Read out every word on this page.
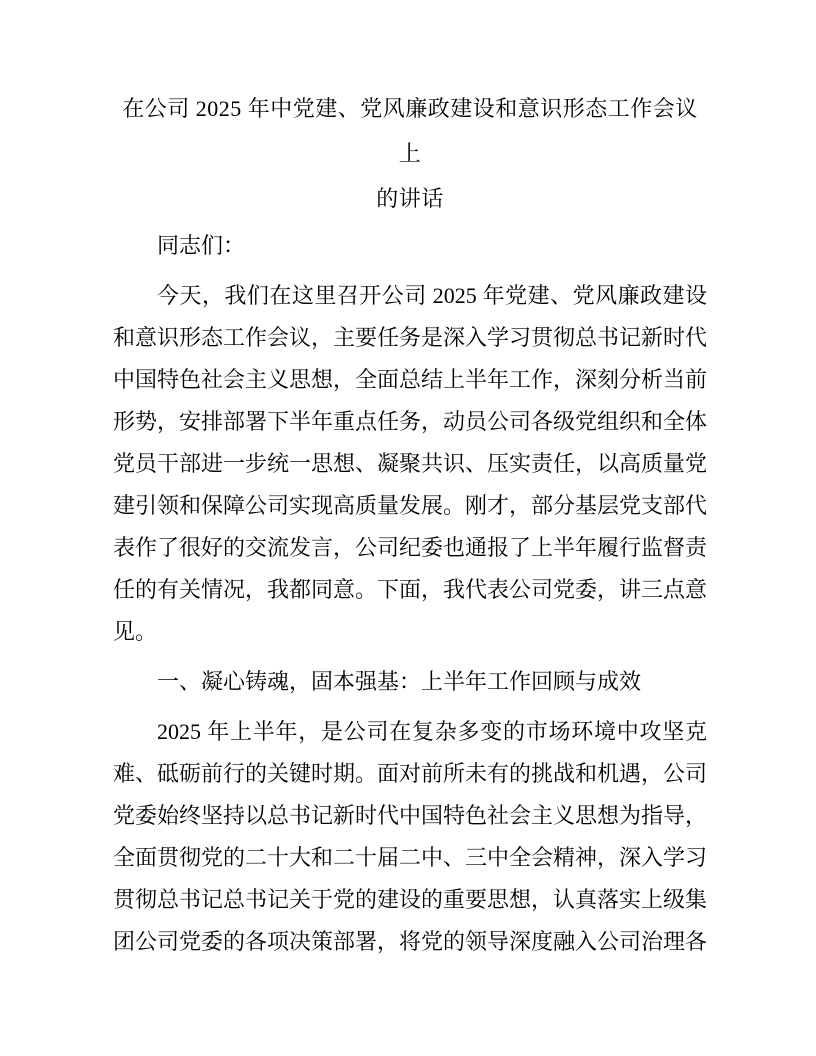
在公司 2025 年中党建、党风廉政建设和意识形态工作会议上
的讲话

同志们：

今天，我们在这里召开公司 2025 年党建、党风廉政建设和意识形态工作会议，主要任务是深入学习贯彻总书记新时代中国特色社会主义思想，全面总结上半年工作，深刻分析当前形势，安排部署下半年重点任务，动员公司各级党组织和全体党员干部进一步统一思想、凝聚共识、压实责任，以高质量党建引领和保障公司实现高质量发展。刚才，部分基层党支部代表作了很好的交流发言，公司纪委也通报了上半年履行监督责任的有关情况，我都同意。下面，我代表公司党委，讲三点意见。

一、凝心铸魂，固本强基：上半年工作回顾与成效

2025 年上半年，是公司在复杂多变的市场环境中攻坚克难、砥砺前行的关键时期。面对前所未有的挑战和机遇，公司党委始终坚持以总书记新时代中国特色社会主义思想为指导，全面贯彻党的二十大和二十届二中、三中全会精神，深入学习贯彻总书记总书记关于党的建设的重要思想，认真落实上级集团公司党委的各项决策部署，将党的领导深度融入公司治理各
